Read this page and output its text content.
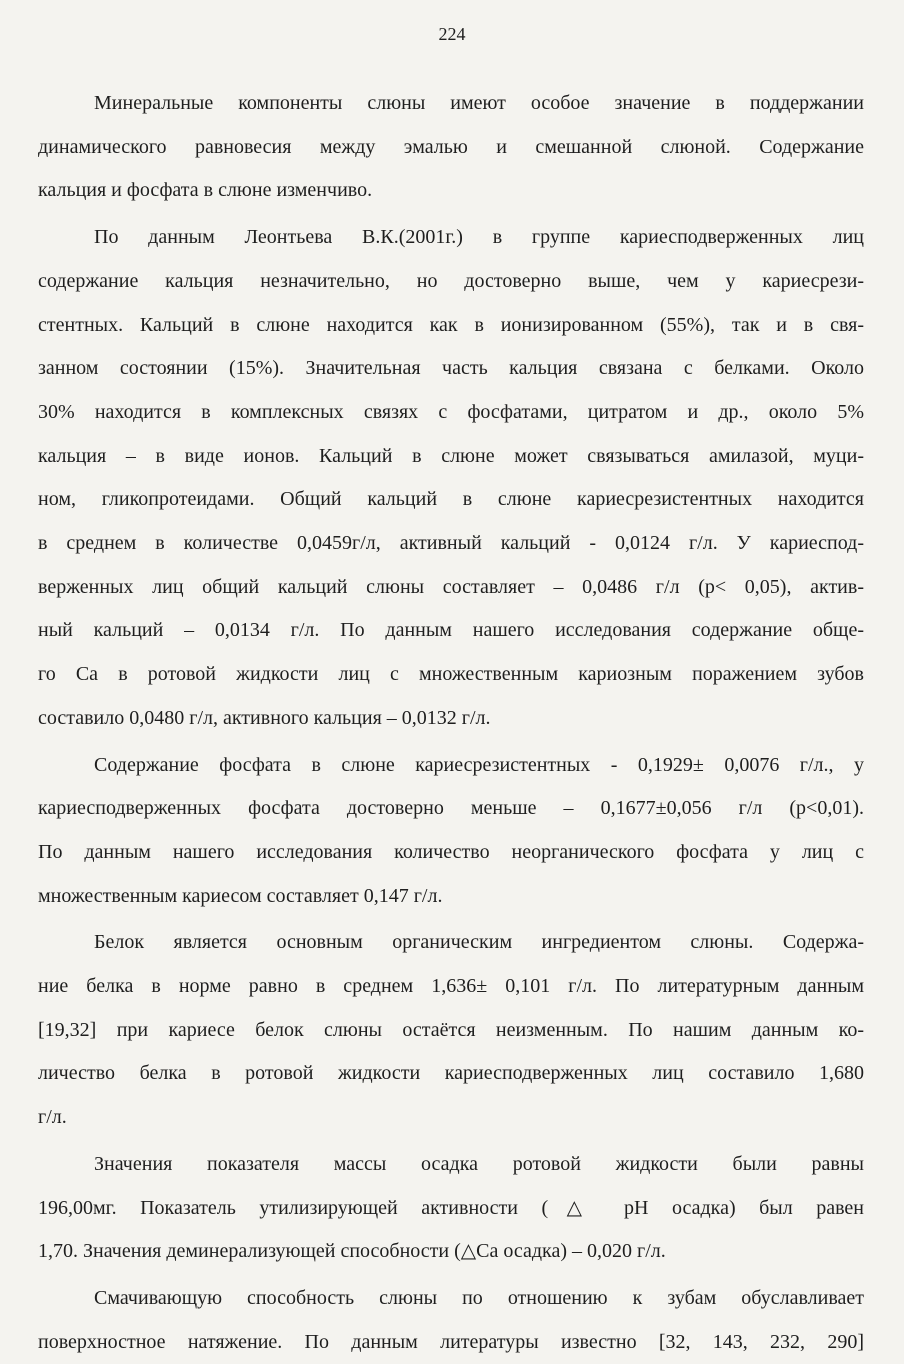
224

Минеральные компоненты слюны имеют особое значение в поддержании
динамического равновесия между эмалью и смешанной слюной. Содержание
кальция и фосфата в слюне изменчиво.

По данным Леонтьева В.К.(2001г.) в группе кариесподверженных лиц
содержание кальция незначительно, но достоверно выше, чем у кариесрези-
стентных. Кальций в слюне находится как в ионизированном (55%), так и в свя-
занном состоянии (15%). Значительная часть кальция связана с белками. Около
30% находится в комплексных связях с фосфатами, цитратом и др., около 5%
кальция – в виде ионов. Кальций в слюне может связываться амилазой, муци-
ном, гликопротеидами. Общий кальций в слюне кариесрезистентных находится
в среднем в количестве 0,0459г/л, активный кальций - 0,0124 г/л. У кариеспод-
верженных лиц общий кальций слюны составляет – 0,0486 г/л (р< 0,05), актив-
ный кальций – 0,0134 г/л. По данным нашего исследования содержание обще-
го Са в ротовой жидкости лиц с множественным кариозным поражением зубов
составило 0,0480 г/л, активного кальция – 0,0132 г/л.

Содержание фосфата в слюне кариесрезистентных - 0,1929± 0,0076 г/л., у
кариесподверженных фосфата достоверно меньше – 0,1677±0,056 г/л (р<0,01).
По данным нашего исследования количество неорганического фосфата у лиц с
множественным кариесом составляет 0,147 г/л.

Белок является основным органическим ингредиентом слюны. Содержа-
ние белка в норме равно в среднем 1,636± 0,101 г/л. По литературным данным
[19,32] при кариесе белок слюны остаётся неизменным. По нашим данным ко-
личество белка в ротовой жидкости кариесподверженных лиц составило 1,680
г/л.

Значения показателя массы осадка ротовой жидкости были равны
196,00мг. Показатель утилизирующей активности (△ pH осадка) был равен
1,70. Значения деминерализующей способности (△Са осадка) – 0,020 г/л.

Смачивающую способность слюны по отношению к зубам обуславливает
поверхностное натяжение. По данным литературы известно [32, 143, 232, 290]
